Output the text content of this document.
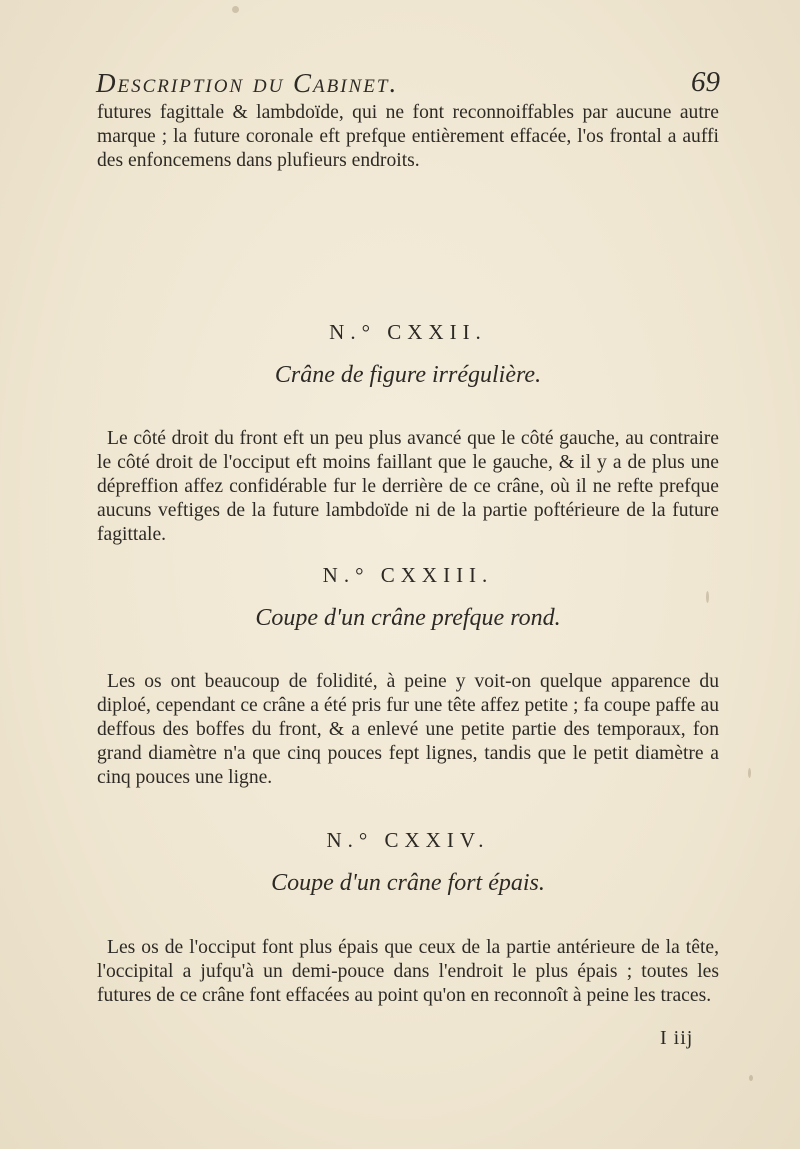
Description du Cabinet.	69

futures fagittale & lambdoïde, qui ne font reconnoiffables par aucune autre marque ; la future coronale eft prefque entièrement effacée, l'os frontal a auffi des enfoncemens dans plufieurs endroits.

N.° CXXII.

Crâne de figure irrégulière.

Le côté droit du front eft un peu plus avancé que le côté gauche, au contraire le côté droit de l'occiput eft moins faillant que le gauche, & il y a de plus une dépreffion affez confidérable fur le derrière de ce crâne, où il ne refte prefque aucuns veftiges de la future lambdoïde ni de la partie poftérieure de la future fagittale.

N.° CXXIII.

Coupe d'un crâne prefque rond.

Les os ont beaucoup de folidité, à peine y voit-on quelque apparence du diploé, cependant ce crâne a été pris fur une tête affez petite ; fa coupe paffe au deffous des boffes du front, & a enlevé une petite partie des temporaux, fon grand diamètre n'a que cinq pouces fept lignes, tandis que le petit diamètre a cinq pouces une ligne.

N.° CXXIV.

Coupe d'un crâne fort épais.

Les os de l'occiput font plus épais que ceux de la partie antérieure de la tête, l'occipital a jufqu'à un demi-pouce dans l'endroit le plus épais ; toutes les futures de ce crâne font effacées au point qu'on en reconnoît à peine les traces.

I iij
